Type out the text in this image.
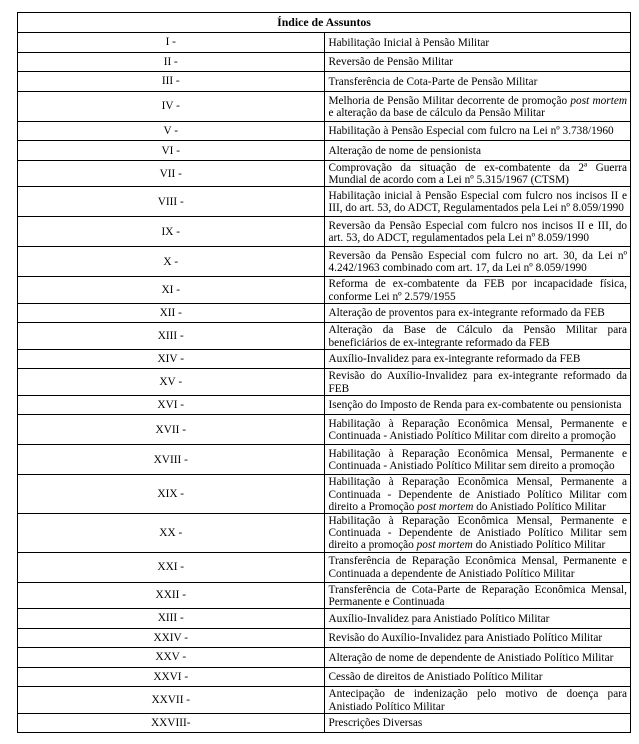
Índice de Assuntos	
I -	Habilitação Inicial à Pensão Militar
II -	Reversão de Pensão Militar
III -	Transferência de Cota-Parte de Pensão Militar
IV -	Melhoria de Pensão Militar decorrente de promoção post mortem e alteração da base de cálculo da Pensão Militar
V -	Habilitação à Pensão Especial com fulcro na Lei nº 3.738/1960
VI -	Alteração de nome de pensionista
VII -	Comprovação da situação de ex-combatente da 2ª Guerra Mundial de acordo com a Lei nº 5.315/1967 (CTSM)
VIII -	Habilitação inicial à Pensão Especial com fulcro nos incisos II e III, do art. 53, do ADCT, Regulamentados pela Lei nº 8.059/1990
IX -	Reversão da Pensão Especial com fulcro nos incisos II e III, do art. 53, do ADCT, regulamentados pela Lei nº 8.059/1990
X -	Reversão da Pensão Especial com fulcro no art. 30, da Lei nº 4.242/1963 combinado com art. 17, da Lei nº 8.059/1990
XI -	Reforma de ex-combatente da FEB por incapacidade física, conforme Lei nº 2.579/1955
XII -	Alteração de proventos para ex-integrante reformado da FEB
XIII -	Alteração da Base de Cálculo da Pensão Militar para beneficiários de ex-integrante reformado da FEB
XIV -	Auxílio-Invalidez para ex-integrante reformado da FEB
XV -	Revisão do Auxílio-Invalidez para ex-integrante reformado da FEB
XVI -	Isenção do Imposto de Renda para ex-combatente ou pensionista
XVII -	Habilitação à Reparação Econômica Mensal, Permanente e Continuada - Anistiado Político Militar com direito a promoção
XVIII -	Habilitação à Reparação Econômica Mensal, Permanente e Continuada - Anistiado Político Militar sem direito a promoção
XIX -	Habilitação à Reparação Econômica Mensal, Permanente a Continuada - Dependente de Anistiado Político Militar com direito a Promoção post mortem do Anistiado Político Militar
XX -	Habilitação à Reparação Econômica Mensal, Permanente e Continuada - Dependente de Anistiado Político Militar sem direito a promoção post mortem do Anistiado Político Militar
XXI -	Transferência de Reparação Econômica Mensal, Permanente e Continuada a dependente de Anistiado Político Militar
XXII -	Transferência de Cota-Parte de Reparação Econômica Mensal, Permanente e Continuada
XIII -	Auxílio-Invalidez para Anistiado Político Militar
XXIV -	Revisão do Auxílio-Invalidez para Anistiado Político Militar
XXV -	Alteração de nome de dependente de Anistiado Político Militar
XXVI -	Cessão de direitos de Anistiado Político Militar
XXVII -	Antecipação de indenização pelo motivo de doença para Anistiado Político Militar
XXVIII-	Prescrições Diversas
